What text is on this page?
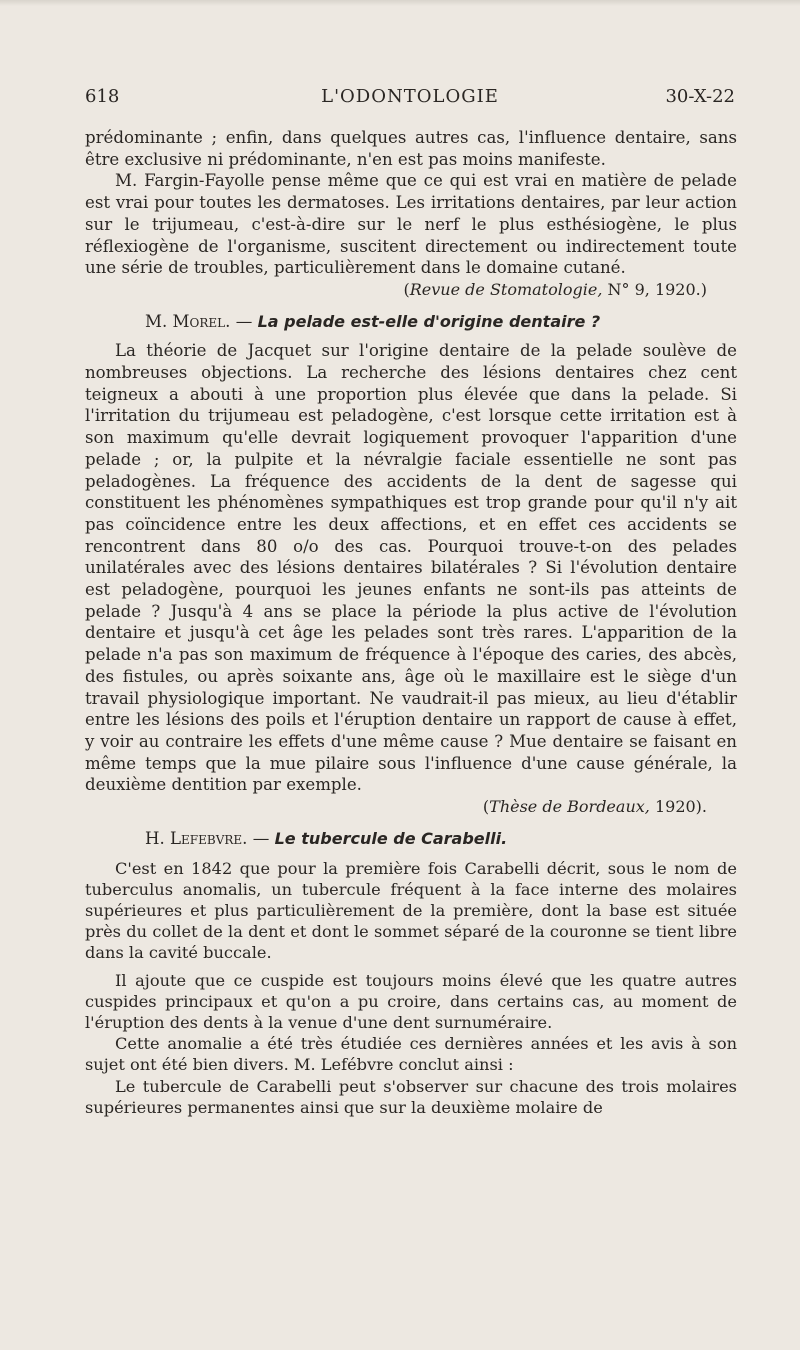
618	L'ODONTOLOGIE	30-X-22

prédominante ; enfin, dans quelques autres cas, l'influence dentaire, sans être exclusive ni prédominante, n'en est pas moins manifeste.

M. Fargin-Fayolle pense même que ce qui est vrai en matière de pelade est vrai pour toutes les dermatoses. Les irritations dentaires, par leur action sur le trijumeau, c'est-à-dire sur le nerf le plus esthésiogène, le plus réflexiogène de l'organisme, suscitent directement ou indirectement toute une série de troubles, particulièrement dans le domaine cutané.

(Revue de Stomatologie, N° 9, 1920.)

M. Morel. — La pelade est-elle d'origine dentaire ?

La théorie de Jacquet sur l'origine dentaire de la pelade soulève de nombreuses objections. La recherche des lésions dentaires chez cent teigneux a abouti à une proportion plus élevée que dans la pelade. Si l'irritation du trijumeau est peladogène, c'est lorsque cette irritation est à son maximum qu'elle devrait logiquement provoquer l'apparition d'une pelade ; or, la pulpite et la névralgie faciale essentielle ne sont pas peladogènes. La fréquence des accidents de la dent de sagesse qui constituent les phénomènes sympathiques est trop grande pour qu'il n'y ait pas coïncidence entre les deux affections, et en effet ces accidents se rencontrent dans 80 o/o des cas. Pourquoi trouve-t-on des pelades unilatérales avec des lésions dentaires bilatérales ? Si l'évolution dentaire est peladogène, pourquoi les jeunes enfants ne sont-ils pas atteints de pelade ? Jusqu'à 4 ans se place la période la plus active de l'évolution dentaire et jusqu'à cet âge les pelades sont très rares. L'apparition de la pelade n'a pas son maximum de fréquence à l'époque des caries, des abcès, des fistules, ou après soixante ans, âge où le maxillaire est le siège d'un travail physiologique important. Ne vaudrait-il pas mieux, au lieu d'établir entre les lésions des poils et l'éruption dentaire un rapport de cause à effet, y voir au contraire les effets d'une même cause ? Mue dentaire se faisant en même temps que la mue pilaire sous l'influence d'une cause générale, la deuxième dentition par exemple.

(Thèse de Bordeaux, 1920).

H. Lefebvre. — Le tubercule de Carabelli.

C'est en 1842 que pour la première fois Carabelli décrit, sous le nom de tuberculus anomalis, un tubercule fréquent à la face interne des molaires supérieures et plus particulièrement de la première, dont la base est située près du collet de la dent et dont le sommet séparé de la couronne se tient libre dans la cavité buccale.

Il ajoute que ce cuspide est toujours moins élevé que les quatre autres cuspides principaux et qu'on a pu croire, dans certains cas, au moment de l'éruption des dents à la venue d'une dent surnuméraire.

Cette anomalie a été très étudiée ces dernières années et les avis à son sujet ont été bien divers. M. Lefébvre conclut ainsi :

Le tubercule de Carabelli peut s'observer sur chacune des trois molaires supérieures permanentes ainsi que sur la deuxième molaire de
